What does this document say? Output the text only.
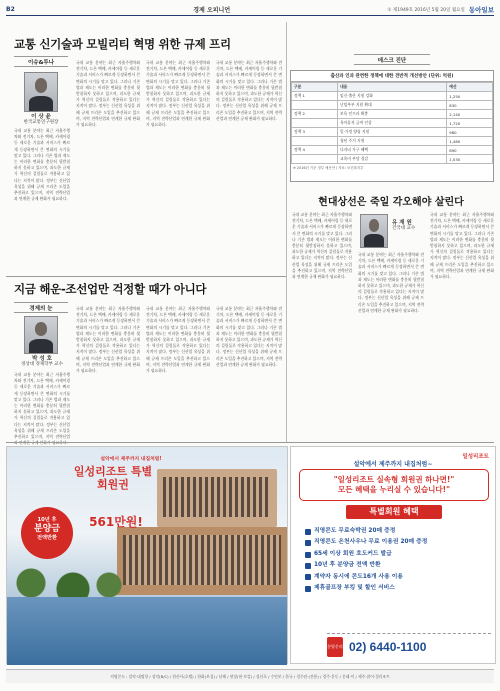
B2	경제 오피니언	① 제1949호 2016년 5월 20일 월요일 동아일보
교통 신기술과 모빌리티 혁명 위한 규제 프리
이슈&투나
이 상 윤
한국교통연구원장
국내 교통 분야는 최근 자율주행차와 전기차, 드론 택배, 카셰어링 등 새로운 기술과 서비스가 빠르게 등장하면서 큰 변화의 시기를 맞고 있다. 그러나 기존 법과 제도는 이러한 변화를 충분히 뒷받침하지 못하고 있으며, 과도한 규제가 혁신의 걸림돌로 작용하고 있다는 지적이 많다. 정부는 신산업 육성을 위해 규제 프리존 도입을 추진하고 있으며, 지역 전략산업과 연계한 규제 완화가 필요하다.
국내 교통 분야는 최근 자율주행차와 전기차, 드론 택배, 카셰어링 등 새로운 기술과 서비스가 빠르게 등장하면서 큰 변화의 시기를 맞고 있다. 그러나 기존 법과 제도는 이러한 변화를 충분히 뒷받침하지 못하고 있으며, 과도한 규제가 혁신의 걸림돌로 작용하고 있다는 지적이 많다. 정부는 신산업 육성을 위해 규제 프리존 도입을 추진하고 있으며, 지역 전략산업과 연계한 규제 완화가 필요하다.
국내 교통 분야는 최근 자율주행차와 전기차, 드론 택배, 카셰어링 등 새로운 기술과 서비스가 빠르게 등장하면서 큰 변화의 시기를 맞고 있다. 그러나 기존 법과 제도는 이러한 변화를 충분히 뒷받침하지 못하고 있으며, 과도한 규제가 혁신의 걸림돌로 작용하고 있다는 지적이 많다. 정부는 신산업 육성을 위해 규제 프리존 도입을 추진하고 있으며, 지역 전략산업과 연계한 규제 완화가 필요하다.
국내 교통 분야는 최근 자율주행차와 전기차, 드론 택배, 카셰어링 등 새로운 기술과 서비스가 빠르게 등장하면서 큰 변화의 시기를 맞고 있다. 그러나 기존 법과 제도는 이러한 변화를 충분히 뒷받침하지 못하고 있으며, 과도한 규제가 혁신의 걸림돌로 작용하고 있다는 지적이 많다. 정부는 신산업 육성을 위해 규제 프리존 도입을 추진하고 있으며, 지역 전략산업과 연계한 규제 완화가 필요하다.
데스크 진단
출산과 인과 관련한 정책에 대한 전반적 개선방안 (단위: 억원)
구분	내용	예산
정책 1	임신·출산 지원 강화	1,250
	난임부부 지원 확대	830
정책 2	보육 인프라 확충	2,140
	육아휴직 급여 인상	1,720
정책 3	일·가정 양립 지원	960
	청년 주거 지원	1,480
정책 4	다자녀 가구 혜택	690
	교육비 부담 경감	1,030
※ 2016년 기준 정부 예산안 / 자료: 보건복지부
현대상선은 죽일 각오해야 살린다
국내 교통 분야는 최근 자율주행차와 전기차, 드론 택배, 카셰어링 등 새로운 기술과 서비스가 빠르게 등장하면서 큰 변화의 시기를 맞고 있다. 그러나 기존 법과 제도는 이러한 변화를 충분히 뒷받침하지 못하고 있으며, 과도한 규제가 혁신의 걸림돌로 작용하고 있다는 지적이 많다. 정부는 신산업 육성을 위해 규제 프리존 도입을 추진하고 있으며, 지역 전략산업과 연계한 규제 완화가 필요하다.
유 재 원
건국대 교수
국내 교통 분야는 최근 자율주행차와 전기차, 드론 택배, 카셰어링 등 새로운 기술과 서비스가 빠르게 등장하면서 큰 변화의 시기를 맞고 있다. 그러나 기존 법과 제도는 이러한 변화를 충분히 뒷받침하지 못하고 있으며, 과도한 규제가 혁신의 걸림돌로 작용하고 있다는 지적이 많다. 정부는 신산업 육성을 위해 규제 프리존 도입을 추진하고 있으며, 지역 전략산업과 연계한 규제 완화가 필요하다.
국내 교통 분야는 최근 자율주행차와 전기차, 드론 택배, 카셰어링 등 새로운 기술과 서비스가 빠르게 등장하면서 큰 변화의 시기를 맞고 있다. 그러나 기존 법과 제도는 이러한 변화를 충분히 뒷받침하지 못하고 있으며, 과도한 규제가 혁신의 걸림돌로 작용하고 있다는 지적이 많다. 정부는 신산업 육성을 위해 규제 프리존 도입을 추진하고 있으며, 지역 전략산업과 연계한 규제 완화가 필요하다.
지금 해운-조선업만 걱정할 때가 아니다
경제의 눈
박 성 호
경상대 경제학부 교수
국내 교통 분야는 최근 자율주행차와 전기차, 드론 택배, 카셰어링 등 새로운 기술과 서비스가 빠르게 등장하면서 큰 변화의 시기를 맞고 있다. 그러나 기존 법과 제도는 이러한 변화를 충분히 뒷받침하지 못하고 있으며, 과도한 규제가 혁신의 걸림돌로 작용하고 있다는 지적이 많다. 정부는 신산업 육성을 위해 규제 프리존 도입을 추진하고 있으며, 지역 전략산업과 연계한 규제 완화가 필요하다.
국내 교통 분야는 최근 자율주행차와 전기차, 드론 택배, 카셰어링 등 새로운 기술과 서비스가 빠르게 등장하면서 큰 변화의 시기를 맞고 있다. 그러나 기존 법과 제도는 이러한 변화를 충분히 뒷받침하지 못하고 있으며, 과도한 규제가 혁신의 걸림돌로 작용하고 있다는 지적이 많다. 정부는 신산업 육성을 위해 규제 프리존 도입을 추진하고 있으며, 지역 전략산업과 연계한 규제 완화가 필요하다.
국내 교통 분야는 최근 자율주행차와 전기차, 드론 택배, 카셰어링 등 새로운 기술과 서비스가 빠르게 등장하면서 큰 변화의 시기를 맞고 있다. 그러나 기존 법과 제도는 이러한 변화를 충분히 뒷받침하지 못하고 있으며, 과도한 규제가 혁신의 걸림돌로 작용하고 있다는 지적이 많다. 정부는 신산업 육성을 위해 규제 프리존 도입을 추진하고 있으며, 지역 전략산업과 연계한 규제 완화가 필요하다.
국내 교통 분야는 최근 자율주행차와 전기차, 드론 택배, 카셰어링 등 새로운 기술과 서비스가 빠르게 등장하면서 큰 변화의 시기를 맞고 있다. 그러나 기존 법과 제도는 이러한 변화를 충분히 뒷받침하지 못하고 있으며, 과도한 규제가 혁신의 걸림돌로 작용하고 있다는 지적이 많다. 정부는 신산업 육성을 위해 규제 프리존 도입을 추진하고 있으며, 지역 전략산업과 연계한 규제 완화가 필요하다.
설악에서 제주까지 내집처럼!
일성리조트 특별 회원권
10년 후
분양금
전액반환
561만원!
일성리조트
설악에서 제주까지 내집처럼~
"일성리조트 실속형 회원권 하나면!"
모든 혜택을 누리실 수 있습니다!"
특별회원 혜택
직영콘도 무료숙박권 20매 증정
직영콘도 온천사우나 무료 이용권 20매 증정
65세 이상 회원 호도커드 발급
10년 후 분양금 전액 반환
계약자 동시에 콘도16개 사용 이용
제휴골프장 부킹 및 할인 서비스
분양문의 02) 6440-1100
직영콘도 : 설악·대명항 / 설악(B/C) / 한산사(호텔) / 한화(보성) / 남해 / 현장(현·보강) / 성산포 / 수안보 / 한국 / 경주관·(전용) / 경주·운동 / 문래·이 / 제주·위어·경리조트
